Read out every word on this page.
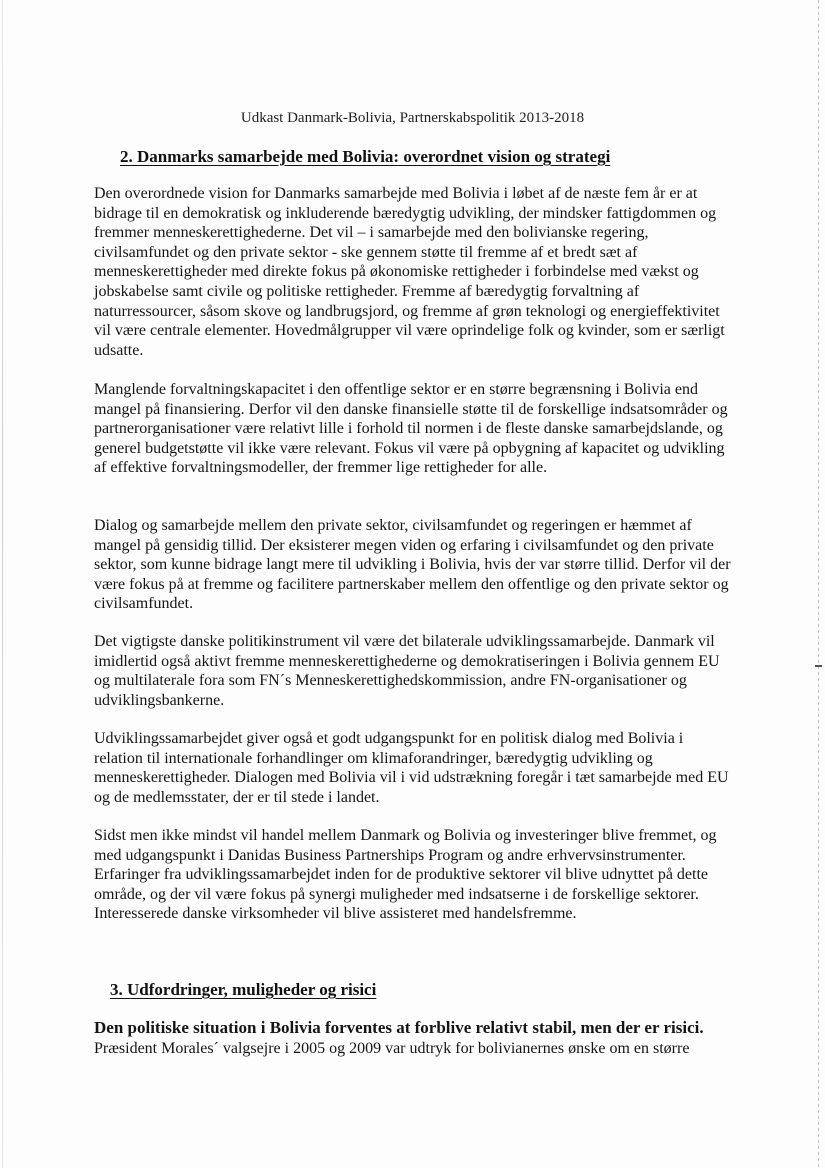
Udkast Danmark-Bolivia, Partnerskabspolitik 2013-2018
2. Danmarks samarbejde med Bolivia: overordnet vision og strategi

Den overordnede vision for Danmarks samarbejde med Bolivia i løbet af de næste fem år er at bidrage til en demokratisk og inkluderende bæredygtig udvikling, der mindsker fattigdommen og fremmer menneskerettighederne. Det vil – i samarbejde med den bolivianske regering, civilsamfundet og den private sektor - ske gennem støtte til fremme af et bredt sæt af menneskerettigheder med direkte fokus på økonomiske rettigheder i forbindelse med vækst og jobskabelse samt civile og politiske rettigheder. Fremme af bæredygtig forvaltning af naturressourcer, såsom skove og landbrugsjord, og fremme af grøn teknologi og energieffektivitet vil være centrale elementer. Hovedmålgrupper vil være oprindelige folk og kvinder, som er særligt udsatte.

Manglende forvaltningskapacitet i den offentlige sektor er en større begrænsning i Bolivia end mangel på finansiering. Derfor vil den danske finansielle støtte til de forskellige indsatsområder og partnerorganisationer være relativt lille i forhold til normen i de fleste danske samarbejdslande, og generel budgetstøtte vil ikke være relevant. Fokus vil være på opbygning af kapacitet og udvikling af effektive forvaltningsmodeller, der fremmer lige rettigheder for alle.

Dialog og samarbejde mellem den private sektor, civilsamfundet og regeringen er hæmmet af mangel på gensidig tillid. Der eksisterer megen viden og erfaring i civilsamfundet og den private sektor, som kunne bidrage langt mere til udvikling i Bolivia, hvis der var større tillid. Derfor vil der være fokus på at fremme og facilitere partnerskaber mellem den offentlige og den private sektor og civilsamfundet.

Det vigtigste danske politikinstrument vil være det bilaterale udviklingssamarbejde. Danmark vil imidlertid også aktivt fremme menneskerettighederne og demokratiseringen i Bolivia gennem EU og multilaterale fora som FN´s Menneskerettighedskommission, andre FN-organisationer og udviklingsbankerne.

Udviklingssamarbejdet giver også et godt udgangspunkt for en politisk dialog med Bolivia i relation til internationale forhandlinger om klimaforandringer, bæredygtig udvikling og menneskerettigheder. Dialogen med Bolivia vil i vid udstrækning foregår i tæt samarbejde med EU og de medlemsstater, der er til stede i landet.

Sidst men ikke mindst vil handel mellem Danmark og Bolivia og investeringer blive fremmet, og med udgangspunkt i Danidas Business Partnerships Program og andre erhvervsinstrumenter. Erfaringer fra udviklingssamarbejdet inden for de produktive sektorer vil blive udnyttet på dette område, og der vil være fokus på synergi muligheder med indsatserne i de forskellige sektorer. Interesserede danske virksomheder vil blive assisteret med handelsfremme.

3. Udfordringer, muligheder og risici

Den politiske situation i Bolivia forventes at forblive relativt stabil, men der er risici. Præsident Morales´ valgsejre i 2005 og 2009 var udtryk for bolivianernes ønske om en større
